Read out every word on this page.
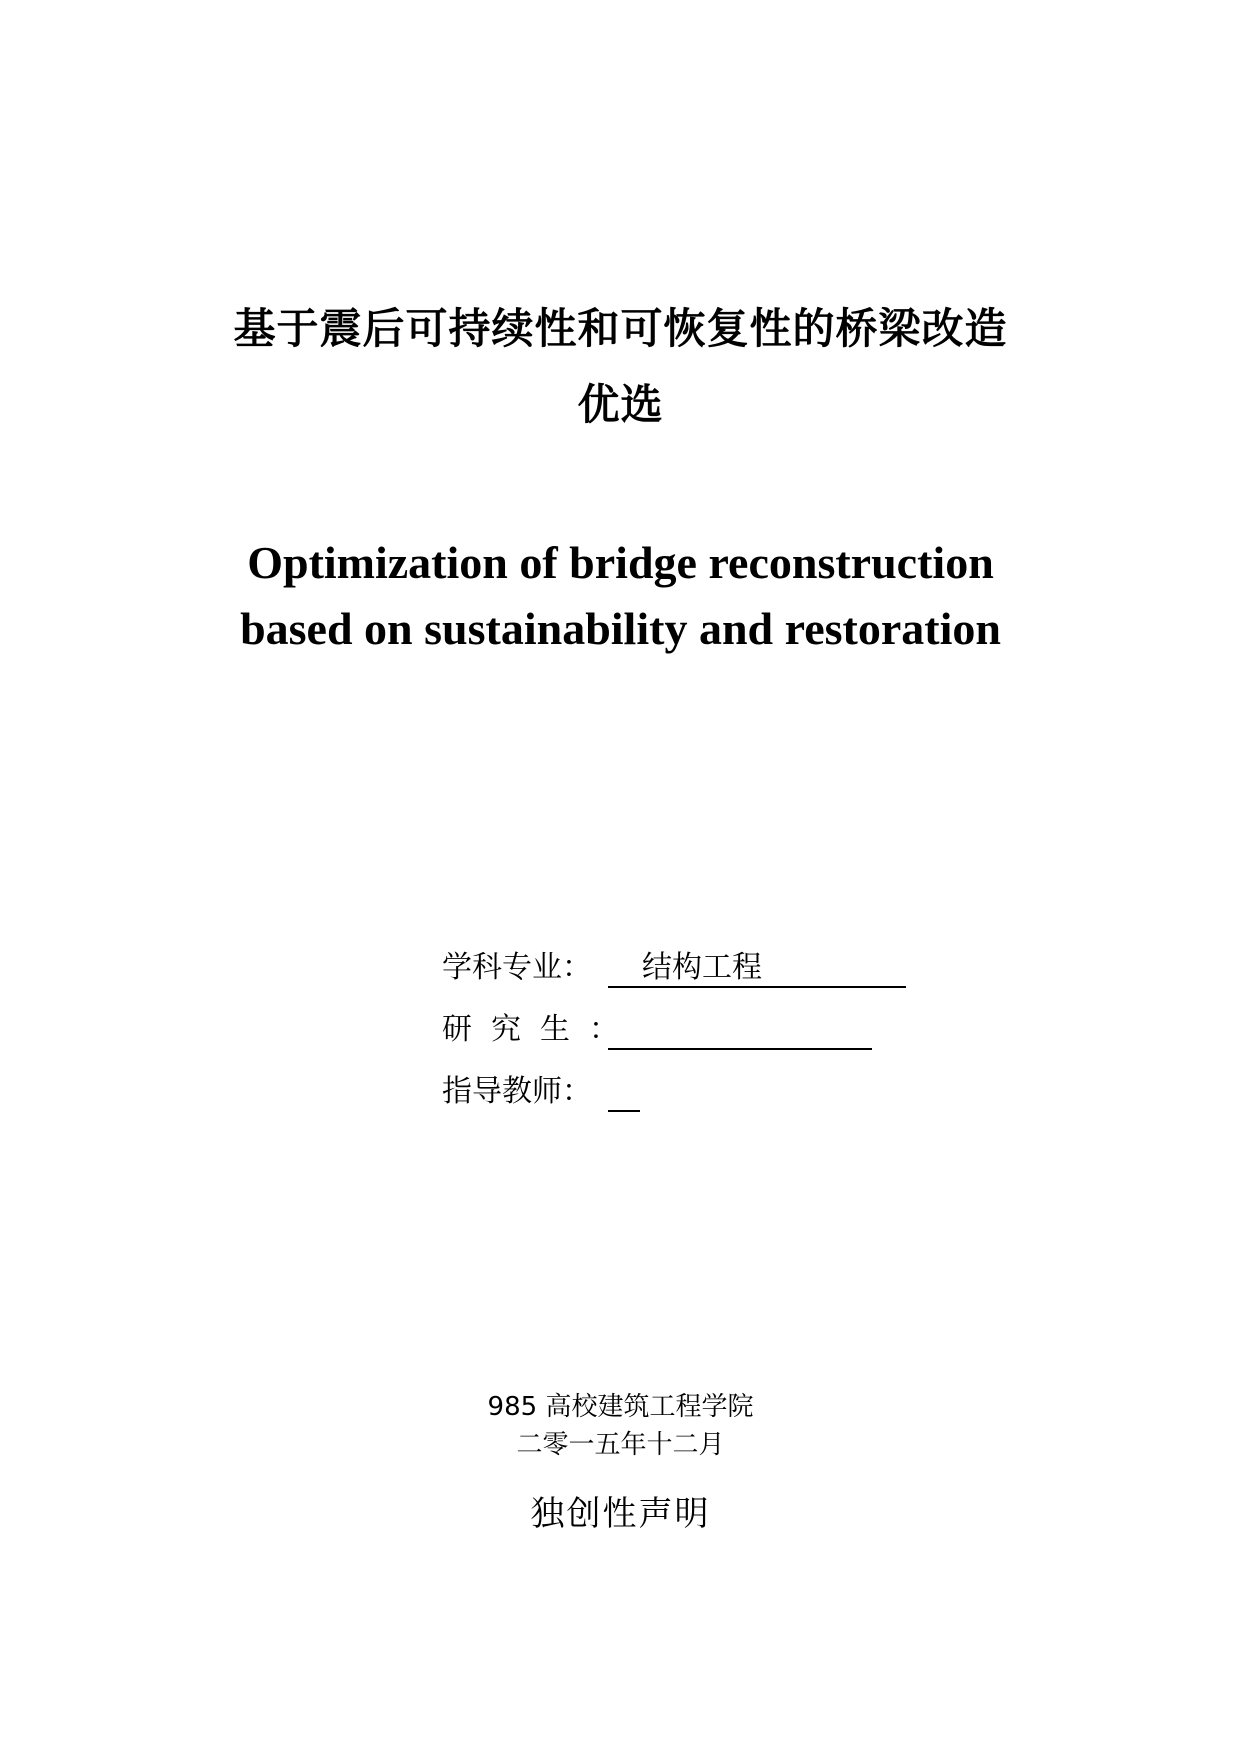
基于震后可持续性和可恢复性的桥梁改造
优选
Optimization of bridge reconstruction
based on sustainability and restoration
学科专业：	结构工程
研究生：
指导教师：
985 高校建筑工程学院
二零一五年十二月
独创性声明
